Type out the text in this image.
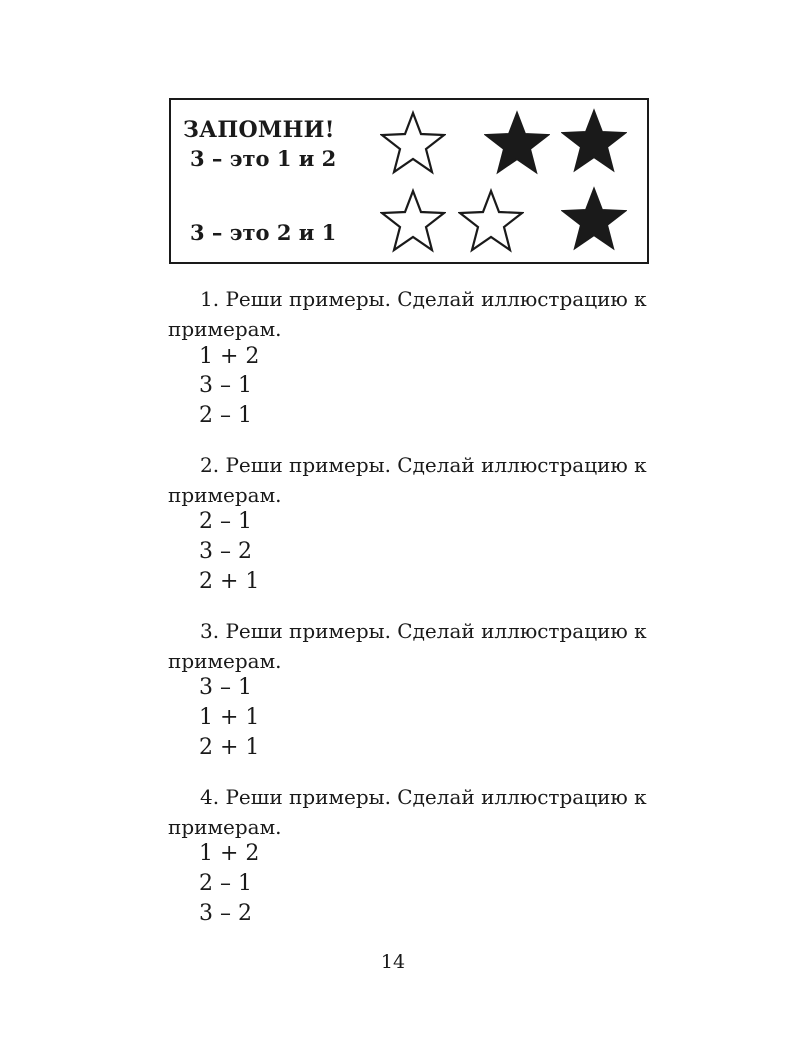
ЗАПОМНИ!
3 – это 1 и 2
3 – это 2 и 1
1. Реши примеры. Сделай иллюстрацию к примерам.
1 + 2
3 – 1
2 – 1
2. Реши примеры. Сделай иллюстрацию к примерам.
2 – 1
3 – 2
2 + 1
3. Реши примеры. Сделай иллюстрацию к примерам.
3 – 1
1 + 1
2 + 1
4. Реши примеры. Сделай иллюстрацию к примерам.
1 + 2
2 – 1
3 – 2
14
